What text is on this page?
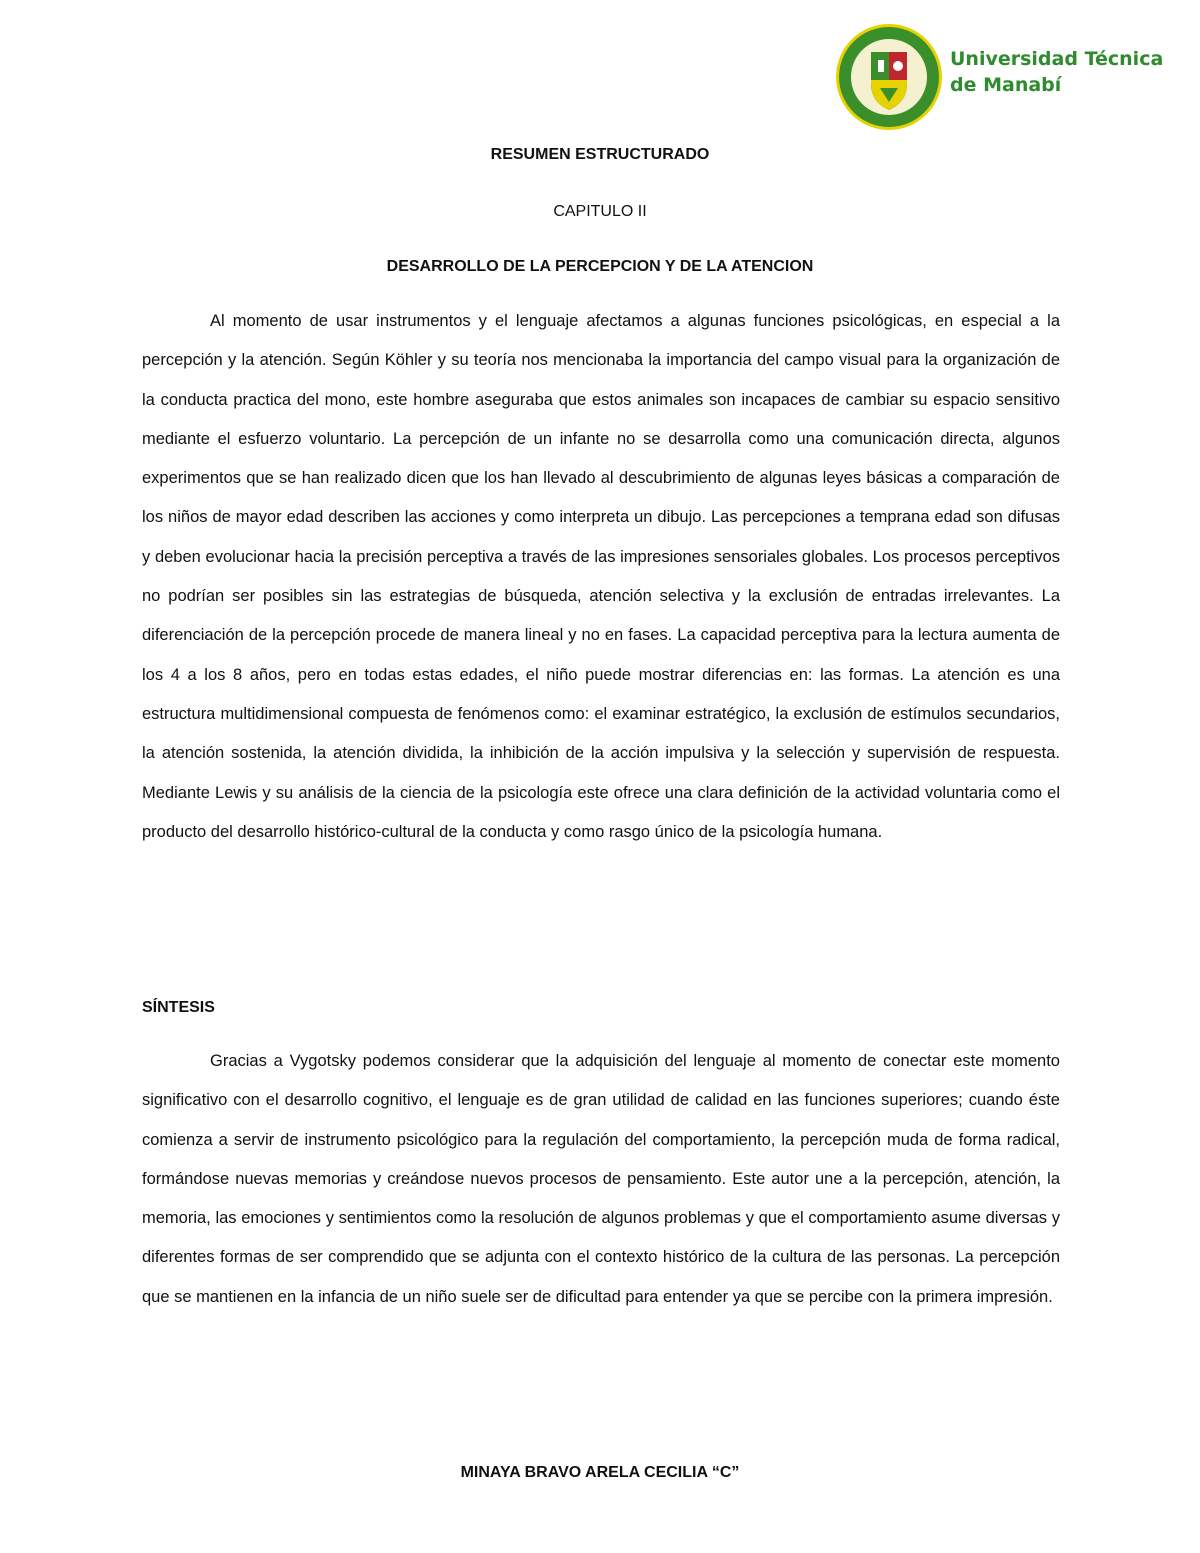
Universidad Técnica
de Manabí
RESUMEN ESTRUCTURADO
CAPITULO II
DESARROLLO DE LA PERCEPCION Y DE LA ATENCION

Al momento de usar instrumentos y el lenguaje afectamos a algunas funciones psicológicas, en especial a la percepción y la atención. Según Köhler y su teoría nos mencionaba la importancia del campo visual para la organización de la conducta practica del mono, este hombre aseguraba que estos animales son incapaces de cambiar su espacio sensitivo mediante el esfuerzo voluntario. La percepción de un infante no se desarrolla como una comunicación directa, algunos experimentos que se han realizado dicen que los han llevado al descubrimiento de algunas leyes básicas a comparación de los niños de mayor edad describen las acciones y como interpreta un dibujo. Las percepciones a temprana edad son difusas y deben evolucionar hacia la precisión perceptiva a través de las impresiones sensoriales globales. Los procesos perceptivos no podrían ser posibles sin las estrategias de búsqueda, atención selectiva y la exclusión de entradas irrelevantes. La diferenciación de la percepción procede de manera lineal y no en fases. La capacidad perceptiva para la lectura aumenta de los 4 a los 8 años, pero en todas estas edades, el niño puede mostrar diferencias en: las formas. La atención es una estructura multidimensional compuesta de fenómenos como: el examinar estratégico, la exclusión de estímulos secundarios, la atención sostenida, la atención dividida, la inhibición de la acción impulsiva y la selección y supervisión de respuesta. Mediante Lewis y su análisis de la ciencia de la psicología este ofrece una clara definición de la actividad voluntaria como el producto del desarrollo histórico-cultural de la conducta y como rasgo único de la psicología humana.

SÍNTESIS

Gracias a Vygotsky podemos considerar que la adquisición del lenguaje al momento de conectar este momento significativo con el desarrollo cognitivo, el lenguaje es de gran utilidad de calidad en las funciones superiores; cuando éste comienza a servir de instrumento psicológico para la regulación del comportamiento, la percepción muda de forma radical, formándose nuevas memorias y creándose nuevos procesos de pensamiento. Este autor une a la percepción, atención, la memoria, las emociones y sentimientos como la resolución de algunos problemas y que el comportamiento asume diversas y diferentes formas de ser comprendido que se adjunta con el contexto histórico de la cultura de las personas. La percepción que se mantienen en la infancia de un niño suele ser de dificultad para entender ya que se percibe con la primera impresión.

MINAYA BRAVO ARELA CECILIA “C”
